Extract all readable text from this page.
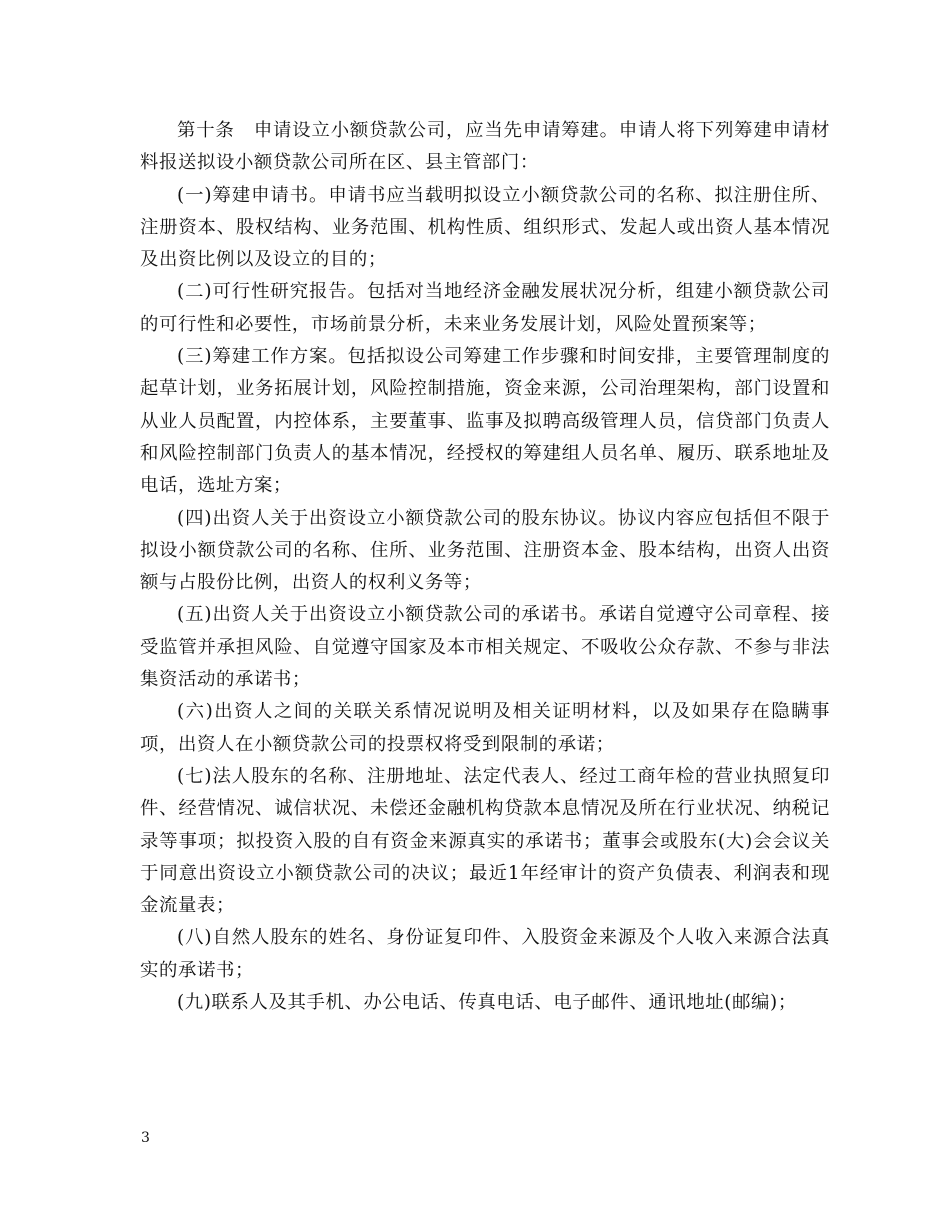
第十条　申请设立小额贷款公司，应当先申请筹建。申请人将下列筹建申请材料报送拟设小额贷款公司所在区、县主管部门：

(一)筹建申请书。申请书应当载明拟设立小额贷款公司的名称、拟注册住所、注册资本、股权结构、业务范围、机构性质、组织形式、发起人或出资人基本情况及出资比例以及设立的目的；

(二)可行性研究报告。包括对当地经济金融发展状况分析，组建小额贷款公司的可行性和必要性，市场前景分析，未来业务发展计划，风险处置预案等；

(三)筹建工作方案。包括拟设公司筹建工作步骤和时间安排，主要管理制度的起草计划，业务拓展计划，风险控制措施，资金来源，公司治理架构，部门设置和从业人员配置，内控体系，主要董事、监事及拟聘高级管理人员，信贷部门负责人和风险控制部门负责人的基本情况，经授权的筹建组人员名单、履历、联系地址及电话，选址方案；

(四)出资人关于出资设立小额贷款公司的股东协议。协议内容应包括但不限于拟设小额贷款公司的名称、住所、业务范围、注册资本金、股本结构，出资人出资额与占股份比例，出资人的权利义务等；

(五)出资人关于出资设立小额贷款公司的承诺书。承诺自觉遵守公司章程、接受监管并承担风险、自觉遵守国家及本市相关规定、不吸收公众存款、不参与非法集资活动的承诺书；

(六)出资人之间的关联关系情况说明及相关证明材料，以及如果存在隐瞒事项，出资人在小额贷款公司的投票权将受到限制的承诺；

(七)法人股东的名称、注册地址、法定代表人、经过工商年检的营业执照复印件、经营情况、诚信状况、未偿还金融机构贷款本息情况及所在行业状况、纳税记录等事项；拟投资入股的自有资金来源真实的承诺书；董事会或股东(大)会会议关于同意出资设立小额贷款公司的决议；最近1年经审计的资产负债表、利润表和现金流量表；

(八)自然人股东的姓名、身份证复印件、入股资金来源及个人收入来源合法真实的承诺书；

(九)联系人及其手机、办公电话、传真电话、电子邮件、通讯地址(邮编)；

3
